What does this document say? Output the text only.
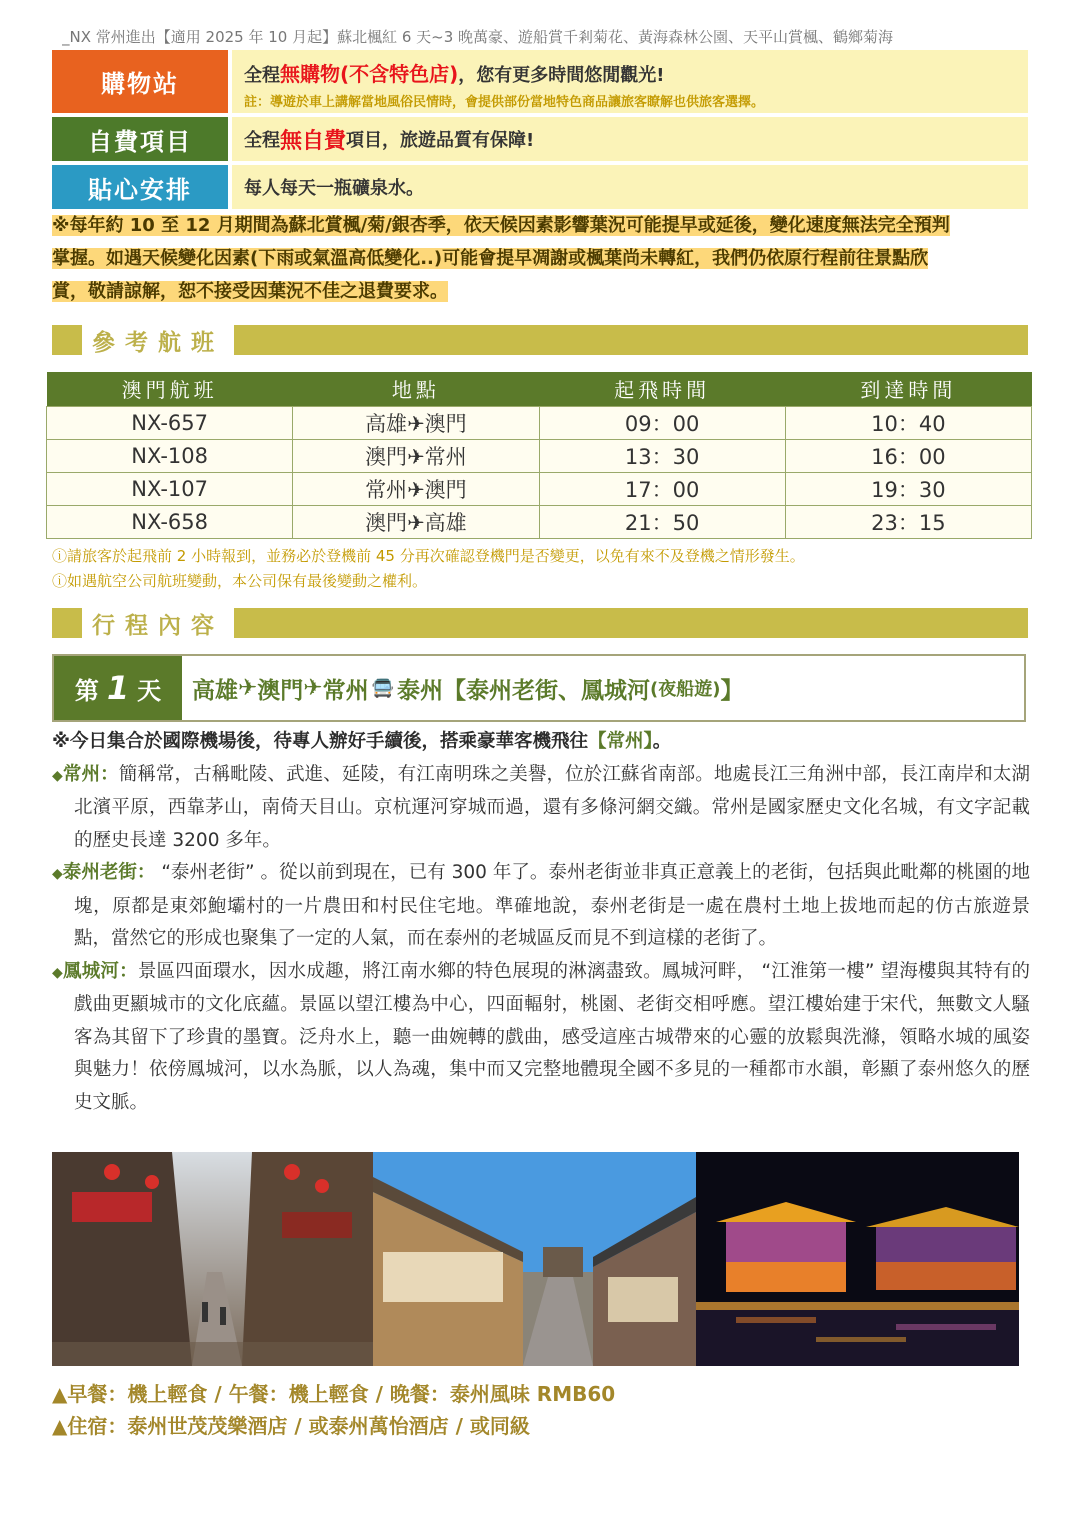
_NX 常州進出【適用 2025 年 10 月起】蘇北楓紅 6 天~3 晚萬豪、遊船賞千剎菊花、黃海森林公園、天平山賞楓、鶴鄉菊海
購物站	全程無購物(不含特色店)，您有更多時間悠閒觀光!
註：導遊於車上講解當地風俗民情時，會提供部份當地特色商品讓旅客瞭解也供旅客選擇。
自費項目	全程 無自費 項目，旅遊品質有保障!
貼心安排	每人每天一瓶礦泉水。
※每年約 10 至 12 月期間為蘇北賞楓/菊/銀杏季，依天候因素影響葉況可能提早或延後，變化速度無法完全預判
掌握。如遇天候變化因素(下雨或氣溫高低變化..)可能會提早凋謝或楓葉尚未轉紅，我們仍依原行程前往景點欣
賞，敬請諒解，恕不接受因葉況不佳之退費要求。
參考航班
澳門航班	地點	起飛時間	到達時間
NX-657	高雄✈澳門	09：00	10：40
NX-108	澳門✈常州	13：30	16：00
NX-107	常州✈澳門	17：00	19：30
NX-658	澳門✈高雄	21：50	23：15
ⓘ請旅客於起飛前 2 小時報到，並務必於登機前 45 分再次確認登機門是否變更，以免有來不及登機之情形發生。
ⓘ如遇航空公司航班變動，本公司保有最後變動之權利。
行程內容
第 1 天 高雄 ✈ 澳門 ✈ 常州 🚍 泰州 【泰州老街、鳳城河 (夜船遊) 】
※今日集合於國際機場後，待專人辦好手續後，搭乘豪華客機飛往【常州】。
◆常州：簡稱常，古稱毗陵、武進、延陵，有江南明珠之美譽，位於江蘇省南部。地處長江三角洲中部，長江南岸和太湖北濱平原，西靠茅山，南倚天目山。京杭運河穿城而過，還有多條河網交織。常州是國家歷史文化名城，有文字記載的歷史長達 3200 多年。
◆泰州老街： “泰州老街” 。從以前到現在，已有 300 年了。泰州老街並非真正意義上的老街，包括與此毗鄰的桃園的地塊，原都是東郊鮑壩村的一片農田和村民住宅地。準確地說，泰州老街是一處在農村土地上拔地而起的仿古旅遊景點，當然它的形成也聚集了一定的人氣，而在泰州的老城區反而見不到這樣的老街了。
◆鳳城河：景區四面環水，因水成趣，將江南水鄉的特色展現的淋漓盡致。鳳城河畔， “江淮第一樓” 望海樓與其特有的戲曲更顯城市的文化底蘊。景區以望江樓為中心，四面輻射，桃園、老街交相呼應。望江樓始建于宋代，無數文人騷客為其留下了珍貴的墨寶。泛舟水上，聽一曲婉轉的戲曲，感受這座古城帶來的心靈的放鬆與洗滌，領略水城的風姿與魅力！依傍鳳城河，以水為脈，以人為魂，集中而又完整地體現全國不多見的一種都市水韻，彰顯了泰州悠久的歷史文脈。
▲早餐：機上輕食 / 午餐：機上輕食 / 晚餐：泰州風味 RMB60
▲住宿：泰州世茂茂樂酒店 / 或泰州萬怡酒店 / 或同級
